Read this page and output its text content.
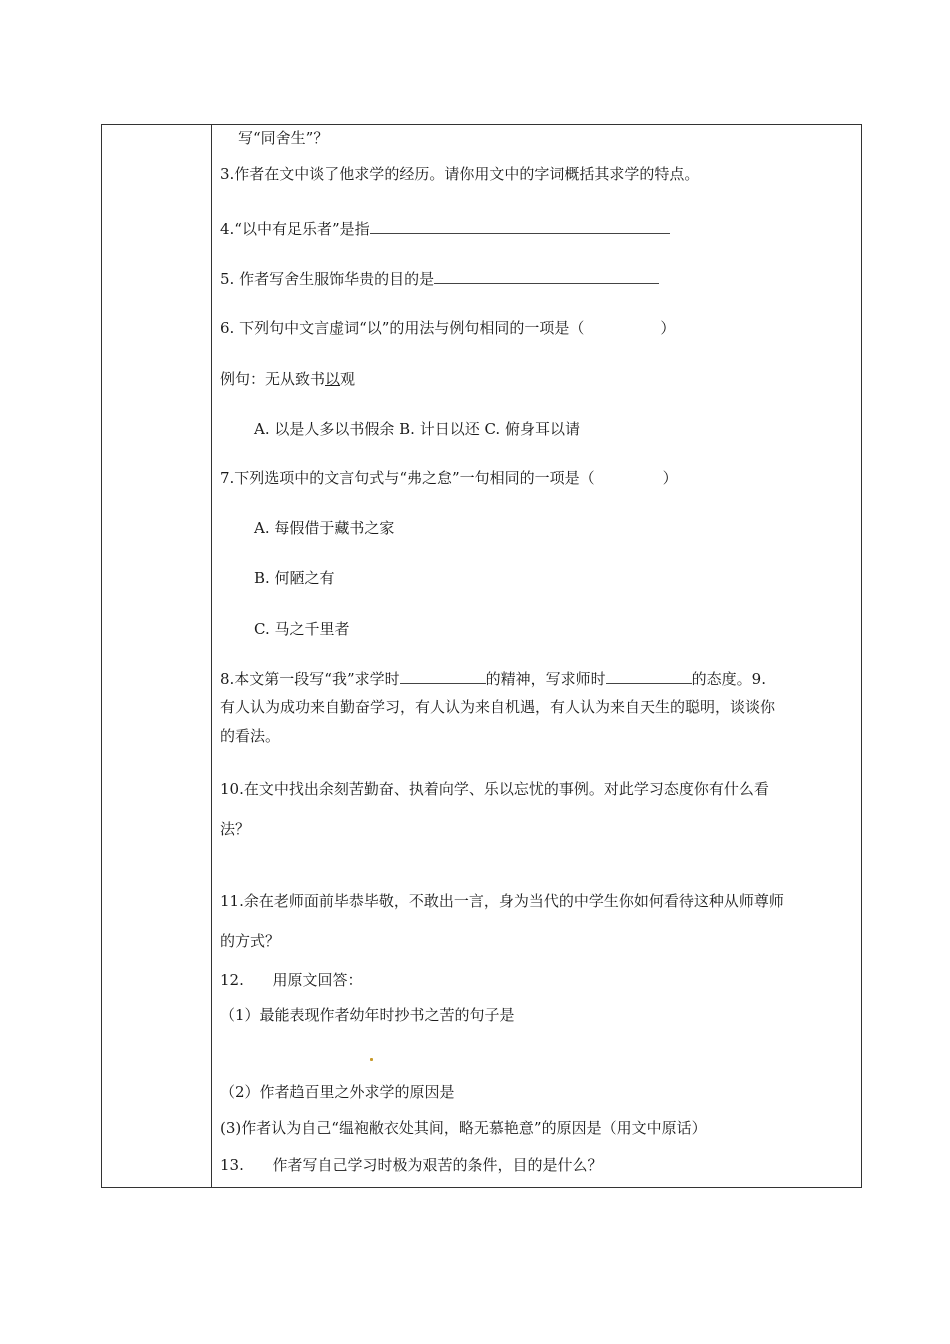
写“同舍生”？
3.作者在文中谈了他求学的经历。请你用文中的字词概括其求学的特点。
4.“以中有足乐者”是指
5. 作者写舍生服饰华贵的目的是
6. 下列句中文言虚词“以”的用法与例句相同的一项是（	）
例句：无从致书以观
A. 以是人多以书假余 B. 计日以还 C. 俯身耳以请
7.下列选项中的文言句式与“弗之怠”一句相同的一项是（	）
A. 每假借于藏书之家
B. 何陋之有
C. 马之千里者
8.本文第一段写“我”求学时	的精神，写求师时	的态度。9.
有人认为成功来自勤奋学习，有人认为来自机遇，有人认为来自天生的聪明，谈谈你
的看法。
10.在文中找出余刻苦勤奋、执着向学、乐以忘忧的事例。对此学习态度你有什么看
法？
11.余在老师面前毕恭毕敬，不敢出一言，身为当代的中学生你如何看待这种从师尊师
的方式？
12.      用原文回答：
（1）最能表现作者幼年时抄书之苦的句子是
（2）作者趋百里之外求学的原因是
(3)作者认为自己“缊袍敝衣处其间，略无慕艳意”的原因是（用文中原话）
13.      作者写自己学习时极为艰苦的条件，目的是什么？
